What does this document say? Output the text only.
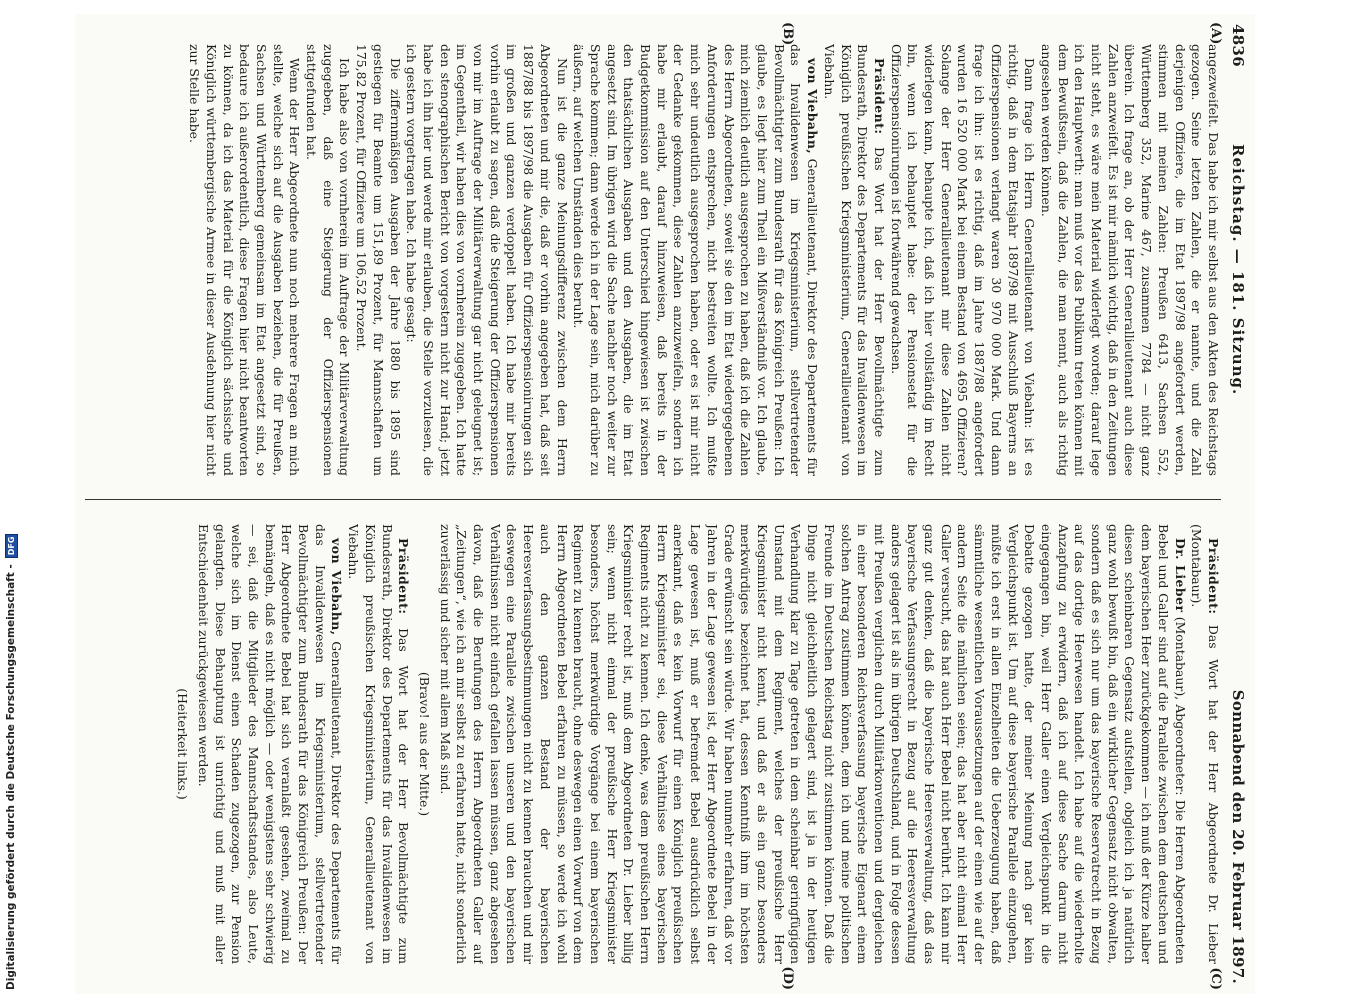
4836
Reichstag. — 181. Sitzung.
Sonnabend den 20. Februar 1897.
(A)
(B)
(C)
(D)

angezweifelt. Das habe ich mir selbst aus den Akten des Reichstags gezogen. Seine letzten Zahlen, die er nannte, und die Zahl derjenigen Offiziere, die im Etat 1897/98 angefordert werden, stimmen mit meinen Zahlen: Preußen 6413, Sachsen 552, Württemberg 352, Marine 467, zusammen 7784 — nicht ganz überein. Ich frage an, ob der Herr Generallieutenant auch diese Zahlen anzweifelt. Es ist mir nämlich wichtig, daß in den Zeitungen nicht steht, es wäre mein Material widerlegt worden; darauf lege ich den Hauptwerth: man muß vor das Publikum treten können mit dem Bewußtsein, daß die Zahlen, die man nennt, auch als richtig angesehen werden können.

Dann frage ich Herrn Generallieutenant von Viebahn: ist es richtig, daß in dem Etatsjahr 1897/98 mit Ausschluß Bayerns an Offizierspensionen verlangt waren 30 970 000 Mark. Und dann frage ich ihn: ist es richtig, daß im Jahre 1887/88 angefordert wurden 16 520 000 Mark bei einem Bestand von 4695 Offizieren? Solange der Herr Generallieutenant mir diese Zahlen nicht widerlegen kann, behaupte ich, daß ich hier vollständig im Recht bin, wenn ich behauptet habe: der Pensionsetat für die Offizierspensionirungen ist fortwährend gewachsen.

Präsident: Das Wort hat der Herr Bevollmächtigte zum Bundesrath, Direktor des Departements für das Invalidenwesen im Königlich preußischen Kriegsministerium, Generallieutenant von Viebahn.

von Viebahn, Generallieutenant, Direktor des Departements für das Invalidenwesen im Kriegsministerium, stellvertretender Bevollmächtigter zum Bundesrath für das Königreich Preußen: Ich glaube, es liegt hier zum Theil ein Mißverständniß vor. Ich glaube, mich ziemlich deutlich ausgesprochen zu haben, daß ich die Zahlen des Herrn Abgeordneten, soweit sie den im Etat wiedergegebenen Anforderungen entsprechen, nicht bestreiten wollte. Ich mußte mich sehr undeutlich ausgesprochen haben, oder es ist mir nicht der Gedanke gekommen, diese Zahlen anzuzweifeln, sondern ich habe mir erlaubt, darauf hinzuweisen, daß bereits in der Budgetkommission auf den Unterschied hingewiesen ist zwischen den thatsächlichen Ausgaben und den Ausgaben, die im Etat angesetzt sind. Im übrigen wird die Sache nachher noch weiter zur Sprache kommen; dann werde ich in der Lage sein, mich darüber zu äußern, auf welchen Umständen dies beruht.

Nun ist die ganze Meinungsdifferenz zwischen dem Herrn Abgeordneten und mir die, daß er vorhin angegeben hat, daß seit 1887/88 bis 1897/98 die Ausgaben für Offizierspensionirungen sich im großen und ganzen verdoppelt haben. Ich habe mir bereits vorhin erlaubt zu sagen, daß die Steigerung der Offizierspensionen von mir im Auftrage der Militärverwaltung gar nicht geleugnet ist; im Gegentheil, wir haben dies von vornherein zugegeben. Ich hatte den stenographischen Bericht von vorgestern nicht zur Hand; jetzt habe ich ihn hier und werde mir erlauben, die Stelle vorzulesen, die ich gestern vorgetragen habe. Ich habe gesagt:

Die ziffernmäßigen Ausgaben der Jahre 1880 bis 1895 sind gestiegen für Beamte um 151,89 Prozent, für Mannschaften um 175,82 Prozent, für Offiziere um 106,52 Prozent.

Ich habe also von vornherein im Auftrage der Militärverwaltung zugegeben, daß eine Steigerung der Offizierspensionen stattgefunden hat.

Wenn der Herr Abgeordnete nun noch mehrere Fragen an mich stellte, welche sich auf die Ausgaben beziehen, die für Preußen, Sachsen und Württemberg gemeinsam im Etat angesetzt sind, so bedaure ich außerordentlich, diese Fragen hier nicht beantworten zu können, da ich das Material für die Königlich sächsische und Königlich württembergische Armee in dieser Ausdehnung hier nicht zur Stelle habe.

Präsident: Das Wort hat der Herr Abgeordnete Dr. Lieber (Montabaur).

Dr. Lieber (Montabaur), Abgeordneter: Die Herren Abgeordneten Bebel und Galler sind auf die Parallele zwischen dem deutschen und dem bayerischen Heer zurückgekommen — ich muß der Kürze halber diesen scheinbaren Gegensatz aufstellen, obgleich ich ja natürlich ganz wohl bewußt bin, daß ein wirklicher Gegensatz nicht obwalten, sondern daß es sich nur um das bayerische Reservatrecht in Bezug auf das dortige Heerwesen handelt. Ich habe auf die wiederholte Anzapfung zu erwidern, daß ich auf diese Sache darum nicht eingegangen bin, weil Herr Galler einen Vergleichspunkt in die Debatte gezogen hatte, der meiner Meinung nach gar kein Vergleichspunkt ist. Um auf diese bayerische Parallele einzugehen, müßte ich erst in allen Einzelheiten die Ueberzeugung haben, daß sämmtliche wesentlichen Voraussetzungen auf der einen wie auf der andern Seite die nämlichen seien; das hat aber nicht einmal Herr Galler versucht, das hat auch Herr Bebel nicht berührt. Ich kann mir ganz gut denken, daß die bayerische Heeresverwaltung, daß das bayerische Verfassungsrecht in Bezug auf die Heeresverwaltung anders gelagert ist als im übrigen Deutschland, und in Folge dessen mit Preußen verglichen durch Militärkonventionen und dergleichen in einer besonderen Reichsverfassung bayerische Eigenart einem solchen Antrag zustimmen können, dem ich und meine politischen Freunde im Deutschen Reichstag nicht zustimmen können. Daß die Dinge nicht gleichheitlich gelagert sind, ist ja in der heutigen Verhandlung klar zu Tage getreten in dem scheinbar geringfügigen Umstand mit dem Regiment, welches der preußische Herr Kriegsminister nicht kennt, und daß er als ein ganz besonders merkwürdiges bezeichnet hat, dessen Kenntniß ihm im höchsten Grade erwünscht sein würde. Wir haben nunmehr erfahren, daß vor Jahren in der Lage gewesen ist, der Herr Abgeordnete Bebel in der Lage gewesen ist, muß er befremdet Bebel ausdrücklich selbst anerkannt, daß es kein Vorwurf für einen Königlich preußischen Herrn Kriegsminister sei, diese Verhältnisse eines bayerischen Regiments nicht zu kennen. Ich denke, was dem preußischen Herrn Kriegsminister recht ist, muß dem Abgeordneten Dr. Lieber billig sein; wenn nicht einmal der preußische Herr Kriegsminister besonders, höchst merkwürdige Vorgänge bei einem bayerischen Regiment zu kennen braucht, ohne deswegen einen Vorwurf von dem Herrn Abgeordneten Bebel erfahren zu müssen, so werde ich wohl auch den ganzen Bestand der bayerischen Heeresverfassungsbestimmungen nicht zu kennen brauchen und mir deswegen eine Parallele zwischen unseren und den bayerischen Verhältnissen nicht einfach gefallen lassen müssen, ganz abgesehen davon, daß die Berufungen des Herrn Abgeordneten Galler auf „Zeitungen“, wie ich an mir selbst zu erfahren hatte, nicht sonderlich zuverlässig und sicher mit allem Maß sind.

(Bravo! aus der Mitte.)

Präsident: Das Wort hat der Herr Bevollmächtigte zum Bundesrath, Direktor des Departements für das Invalidenwesen im Königlich preußischen Kriegsministerium, Generallieutenant von Viebahn.

von Viebahn, Generallieutenant, Direktor des Departements für das Invalidenwesen im Kriegsministerium, stellvertretender Bevollmächtigter zum Bundesrath für das Königreich Preußen: Der Herr Abgeordnete Bebel hat sich veranlaßt gesehen, zweimal zu bemängeln, daß es nicht möglich — oder wenigstens sehr schwierig — sei, daß die Mitglieder des Mannschaftsstandes, also Leute, welche sich im Dienst einen Schaden zugezogen, zur Pension gelangten. Diese Behauptung ist unrichtig und muß mit aller Entschiedenheit zurückgewiesen werden.

(Heiterkeit links.)

Digitalisierung gefördert durch die Deutsche Forschungsgemeinschaft -
DFG
